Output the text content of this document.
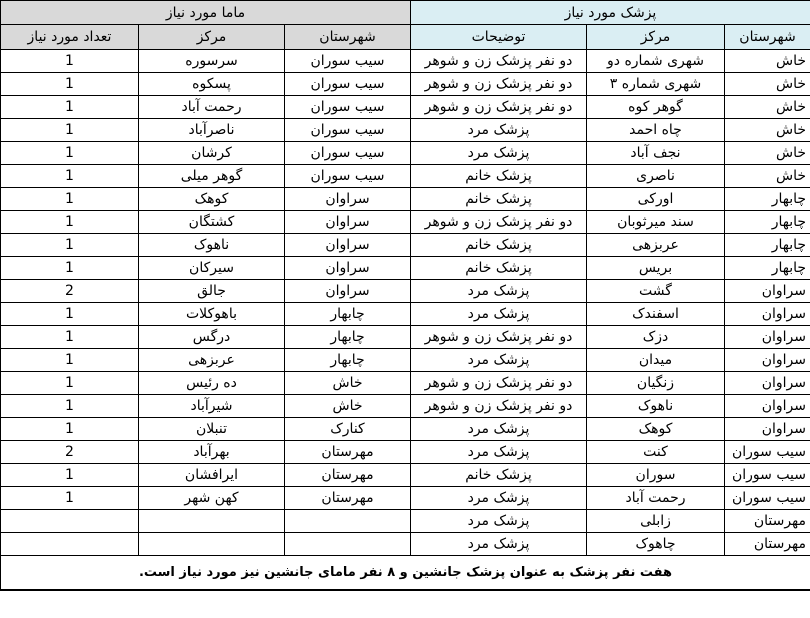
ماما مورد نیاز			پزشک مورد نیاز		
تعداد مورد نیاز	مرکز	شهرستان	توضیحات	مرکز	شهرستان
1	سرسوره	سیب سوران	دو نفر پزشک زن و شوهر	شهری شماره دو	خاش
1	پسکوه	سیب سوران	دو نفر پزشک زن و شوهر	شهری شماره ۳	خاش
1	رحمت آباد	سیب سوران	دو نفر پزشک زن و شوهر	گوهر کوه	خاش
1	ناصرآباد	سیب سوران	پزشک مرد	چاه احمد	خاش
1	کرشان	سیب سوران	پزشک مرد	نجف آباد	خاش
1	گوهر میلی	سیب سوران	پزشک خانم	ناصری	خاش
1	کوهک	سراوان	پزشک خانم	اورکی	چابهار
1	کشتگان	سراوان	دو نفر پزشک زن و شوهر	سند میرثوبان	چابهار
1	ناهوک	سراوان	پزشک خانم	عربزهی	چابهار
1	سیرکان	سراوان	پزشک خانم	بریس	چابهار
2	جالق	سراوان	پزشک مرد	گشت	سراوان
1	باهوکلات	چابهار	پزشک مرد	اسفندک	سراوان
1	درگس	چابهار	دو نفر پزشک زن و شوهر	دزک	سراوان
1	عربزهی	چابهار	پزشک مرد	میدان	سراوان
1	ده رئیس	خاش	دو نفر پزشک زن و شوهر	زنگیان	سراوان
1	شیرآباد	خاش	دو نفر پزشک زن و شوهر	ناهوک	سراوان
1	تنبلان	کنارک	پزشک مرد	کوهک	سراوان
2	بهرآباد	مهرستان	پزشک مرد	کنت	سیب سوران
1	ایرافشان	مهرستان	پزشک خانم	سوران	سیب سوران
1	کهن شهر	مهرستان	پزشک مرد	رحمت آباد	سیب سوران
			پزشک مرد	زابلی	مهرستان
			پزشک مرد	چاهوک	مهرستان
هفت نفر پزشک به عنوان پزشک جانشین و ۸ نفر مامای جانشین نیز مورد نیاز است.					
